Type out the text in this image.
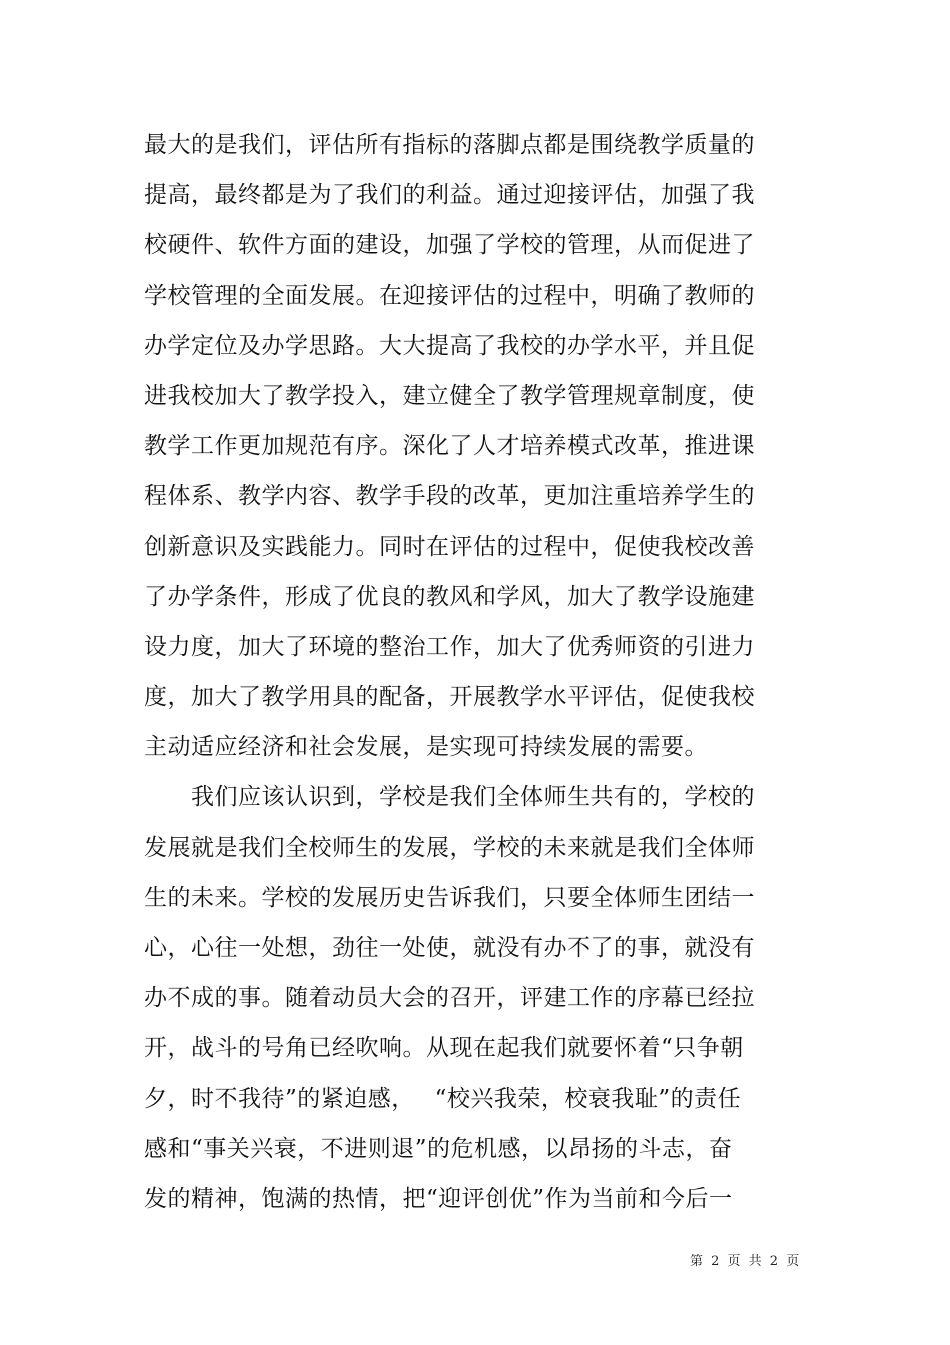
最大的是我们，评估所有指标的落脚点都是围绕教学质量的
提高，最终都是为了我们的利益。通过迎接评估，加强了我
校硬件、软件方面的建设，加强了学校的管理，从而促进了
学校管理的全面发展。在迎接评估的过程中，明确了教师的
办学定位及办学思路。大大提高了我校的办学水平，并且促
进我校加大了教学投入，建立健全了教学管理规章制度，使
教学工作更加规范有序。深化了人才培养模式改革，推进课
程体系、教学内容、教学手段的改革，更加注重培养学生的
创新意识及实践能力。同时在评估的过程中，促使我校改善
了办学条件，形成了优良的教风和学风，加大了教学设施建
设力度，加大了环境的整治工作，加大了优秀师资的引进力
度，加大了教学用具的配备，开展教学水平评估，促使我校
主动适应经济和社会发展，是实现可持续发展的需要。
　　我们应该认识到，学校是我们全体师生共有的，学校的
发展就是我们全校师生的发展，学校的未来就是我们全体师
生的未来。学校的发展历史告诉我们，只要全体师生团结一
心，心往一处想，劲往一处使，就没有办不了的事，就没有
办不成的事。随着动员大会的召开，评建工作的序幕已经拉
开，战斗的号角已经吹响。从现在起我们就要怀着“只争朝
夕，时不我待”的紧迫感，　 “校兴我荣，校衰我耻”的责任
感和“事关兴衰，不进则退”的危机感，以昂扬的斗志，奋
发的精神，饱满的热情，把“迎评创优”作为当前和今后一
第 2 页 共 2 页
